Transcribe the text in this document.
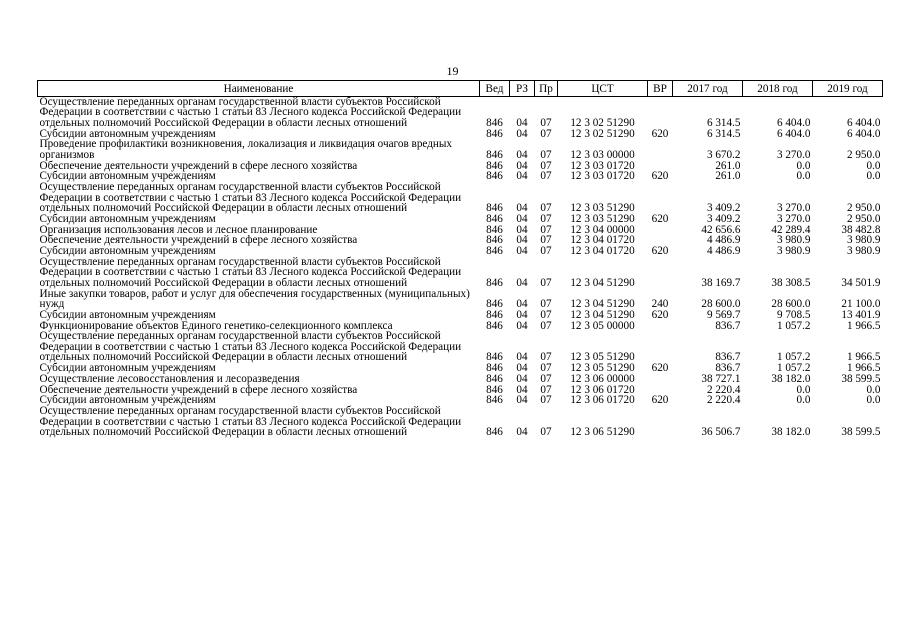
19
Наименование	Вед	РЗ	Пр	ЦСТ	ВР	2017 год	2018 год	2019 год
Осуществление переданных органам государственной власти субъектов Российской Федерации в соответствии с частью 1 статьи 83 Лесного кодекса Российской Федерации отдельных полномочий Российской Федерации в области лесных отношений	846	04	07	12 3 02 51290		6 314.5	6 404.0	6 404.0
Субсидии автономным учреждениям	846	04	07	12 3 02 51290	620	6 314.5	6 404.0	6 404.0
Проведение профилактики возникновения, локализация и ликвидация очагов вредных организмов	846	04	07	12 3 03 00000		3 670.2	3 270.0	2 950.0
Обеспечение деятельности учреждений в сфере лесного хозяйства	846	04	07	12 3 03 01720		261.0	0.0	0.0
Субсидии автономным учреждениям	846	04	07	12 3 03 01720	620	261.0	0.0	0.0
Осуществление переданных органам государственной власти субъектов Российской Федерации в соответствии с частью 1 статьи 83 Лесного кодекса Российской Федерации отдельных полномочий Российской Федерации в области лесных отношений	846	04	07	12 3 03 51290		3 409.2	3 270.0	2 950.0
Субсидии автономным учреждениям	846	04	07	12 3 03 51290	620	3 409.2	3 270.0	2 950.0
Организация использования лесов и лесное планирование	846	04	07	12 3 04 00000		42 656.6	42 289.4	38 482.8
Обеспечение деятельности учреждений в сфере лесного хозяйства	846	04	07	12 3 04 01720		4 486.9	3 980.9	3 980.9
Субсидии автономным учреждениям	846	04	07	12 3 04 01720	620	4 486.9	3 980.9	3 980.9
Осуществление переданных органам государственной власти субъектов Российской Федерации в соответствии с частью 1 статьи 83 Лесного кодекса Российской Федерации отдельных полномочий Российской Федерации в области лесных отношений	846	04	07	12 3 04 51290		38 169.7	38 308.5	34 501.9
Иные закупки товаров, работ и услуг для обеспечения государственных (муниципальных) нужд	846	04	07	12 3 04 51290	240	28 600.0	28 600.0	21 100.0
Субсидии автономным учреждениям	846	04	07	12 3 04 51290	620	9 569.7	9 708.5	13 401.9
Функционирование объектов Единого генетико-селекционного комплекса	846	04	07	12 3 05 00000		836.7	1 057.2	1 966.5
Осуществление переданных органам государственной власти субъектов Российской Федерации в соответствии с частью 1 статьи 83 Лесного кодекса Российской Федерации отдельных полномочий Российской Федерации в области лесных отношений	846	04	07	12 3 05 51290		836.7	1 057.2	1 966.5
Субсидии автономным учреждениям	846	04	07	12 3 05 51290	620	836.7	1 057.2	1 966.5
Осуществление лесовосстановления и лесоразведения	846	04	07	12 3 06 00000		38 727.1	38 182.0	38 599.5
Обеспечение деятельности учреждений в сфере лесного хозяйства	846	04	07	12 3 06 01720		2 220.4	0.0	0.0
Субсидии автономным учреждениям	846	04	07	12 3 06 01720	620	2 220.4	0.0	0.0
Осуществление переданных органам государственной власти субъектов Российской Федерации в соответствии с частью 1 статьи 83 Лесного кодекса Российской Федерации отдельных полномочий Российской Федерации в области лесных отношений	846	04	07	12 3 06 51290		36 506.7	38 182.0	38 599.5
